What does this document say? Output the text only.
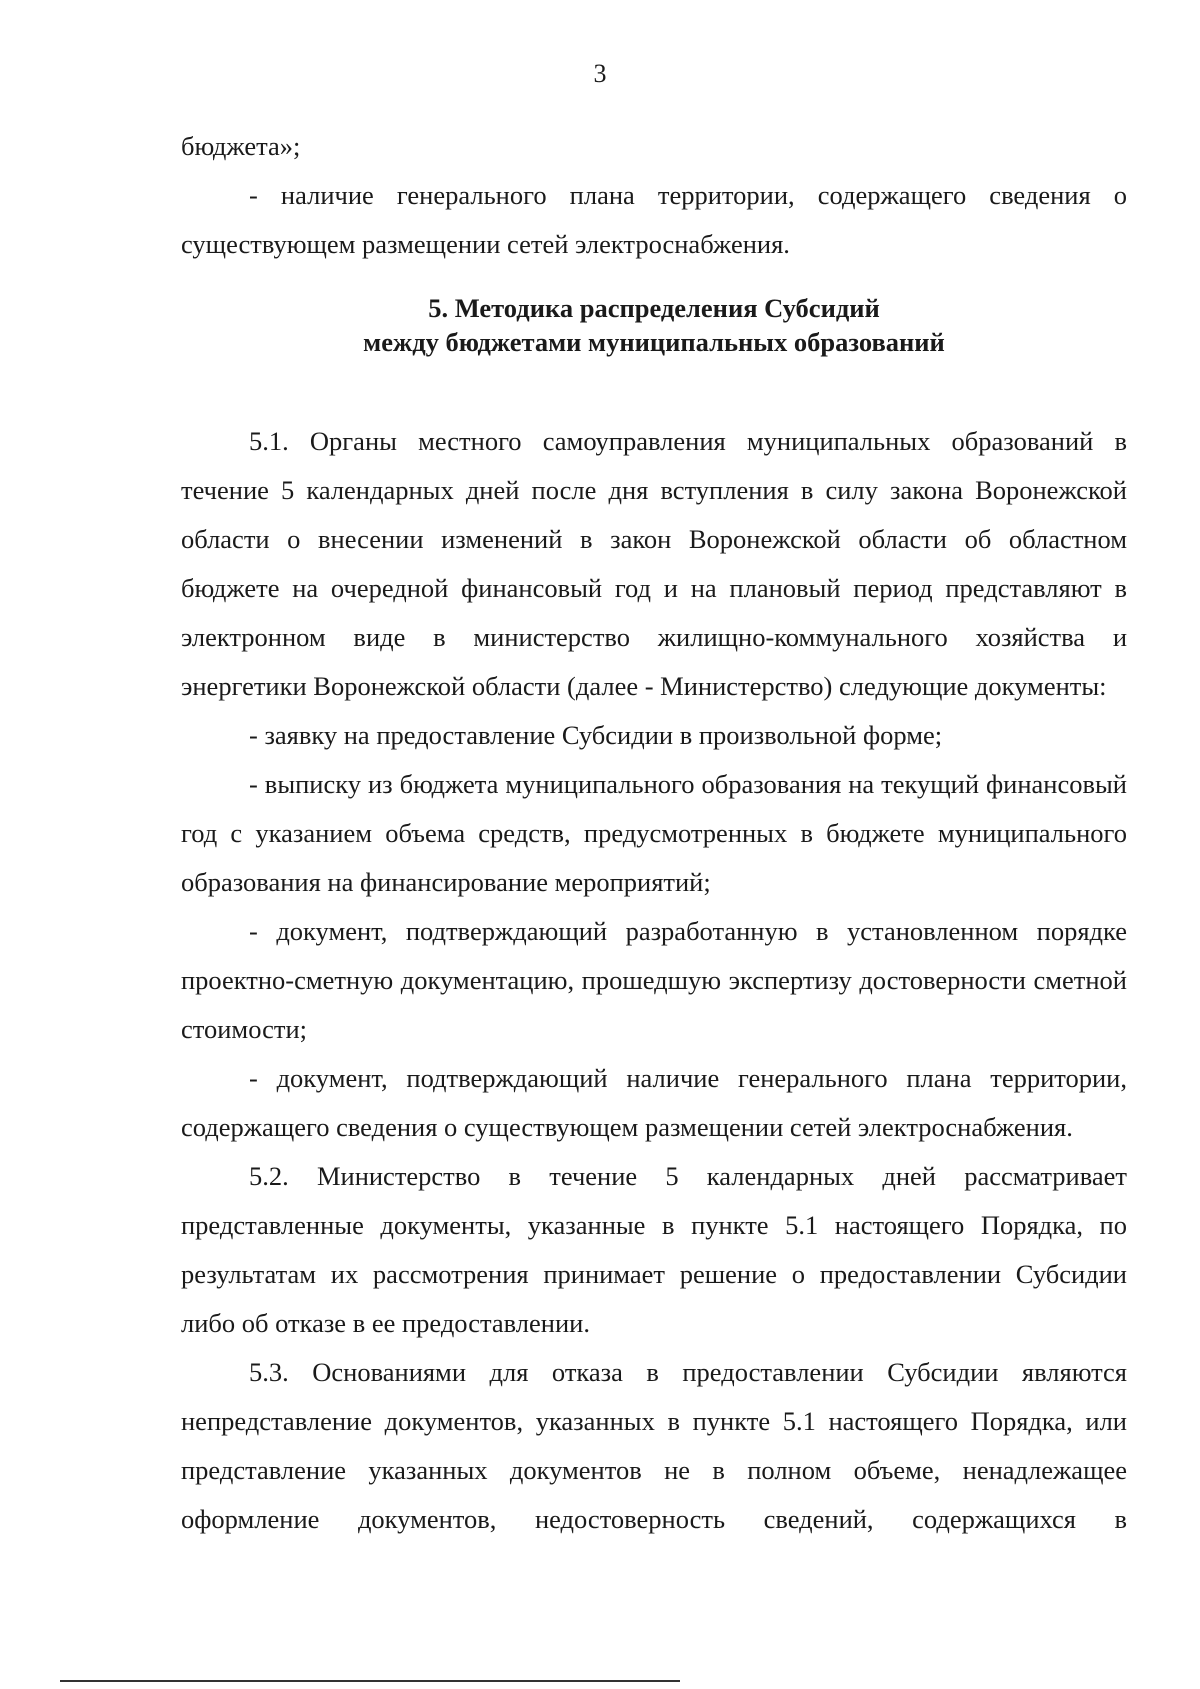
3

бюджета»;

- наличие генерального плана территории, содержащего сведения о существующем размещении сетей электроснабжения.

5. Методика распределения Субсидий
между бюджетами муниципальных образований

5.1. Органы местного самоуправления муниципальных образований в течение 5 календарных дней после дня вступления в силу закона Воронежской области о внесении изменений в закон Воронежской области об областном бюджете на очередной финансовый год и на плановый период представляют в электронном виде в министерство жилищно-коммунального хозяйства и энергетики Воронежской области (далее - Министерство) следующие документы:

- заявку на предоставление Субсидии в произвольной форме;

- выписку из бюджета муниципального образования на текущий финансовый год с указанием объема средств, предусмотренных в бюджете муниципального образования на финансирование мероприятий;

- документ, подтверждающий разработанную в установленном порядке проектно-сметную документацию, прошедшую экспертизу достоверности сметной стоимости;

- документ, подтверждающий наличие генерального плана территории, содержащего сведения о существующем размещении сетей электроснабжения.

5.2. Министерство в течение 5 календарных дней рассматривает представленные документы, указанные в пункте 5.1 настоящего Порядка, по результатам их рассмотрения принимает решение о предоставлении Субсидии либо об отказе в ее предоставлении.

5.3. Основаниями для отказа в предоставлении Субсидии являются непредставление документов, указанных в пункте 5.1 настоящего Порядка, или представление указанных документов не в полном объеме, ненадлежащее оформление документов, недостоверность сведений, содержащихся в
